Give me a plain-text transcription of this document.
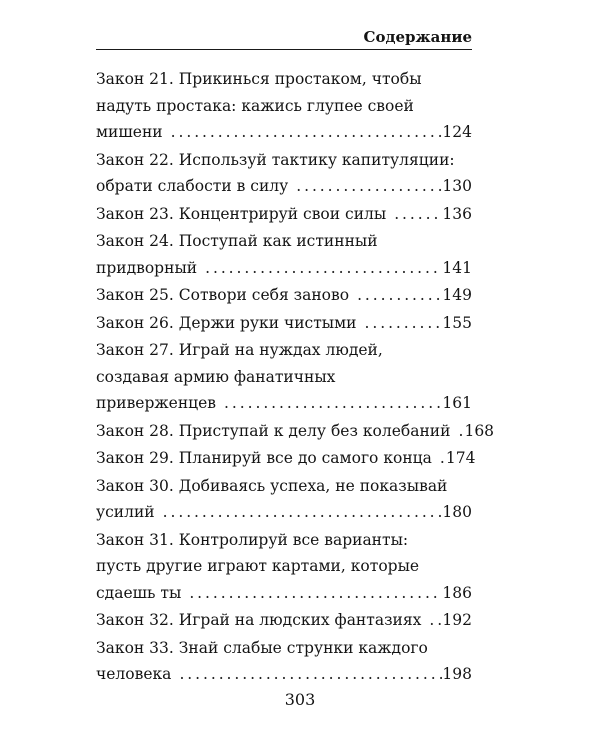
Содержание
Закон 21. Прикинься простаком, чтобы
надуть простака: кажись глупее своей
мишени . . .	124
Закон 22. Используй тактику капитуляции:
обрати слабости в силу . . .	130
Закон 23. Концентрируй свои силы . . .	136
Закон 24. Поступай как истинный
придворный . . .	141
Закон 25. Сотвори себя заново . . .	149
Закон 26. Держи руки чистыми . . .	155
Закон 27. Играй на нуждах людей,
создавая армию фанатичных
приверженцев . . .	161
Закон 28. Приступай к делу без колебаний . . . 168
Закон 29. Планируй все до самого конца . . . 174
Закон 30. Добиваясь успеха, не показывай
усилий . . .	180
Закон 31. Контролируй все варианты:
пусть другие играют картами, которые
сдаешь ты . . .	186
Закон 32. Играй на людских фантазиях . . . 192
Закон 33. Знай слабые струнки каждого
человека . . .	198
303
